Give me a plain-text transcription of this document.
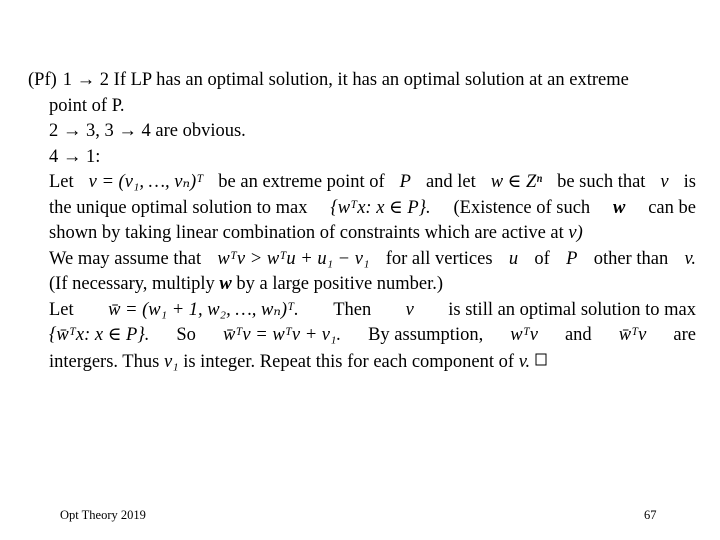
(Pf) 1 → 2 If LP has an optimal solution, it has an optimal solution at an extreme
point of P.
2 → 3, 3 → 4 are obvious.
4 → 1:
Let v = (v₁, …, vₙ)ᵀ be an extreme point of P and let w ∈ Zⁿ be such that v is
the unique optimal solution to max {wᵀx: x ∈ P}. (Existence of such w can be
shown by taking linear combination of constraints which are active at v)
We may assume that wᵀv > wᵀu + u₁ − v₁ for all vertices u of P other than v.
(If necessary, multiply w by a large positive number.)
Let w̄ = (w₁ + 1, w₂, …, wₙ)ᵀ. Then v is still an optimal solution to max
{w̄ᵀx: x ∈ P}. So w̄ᵀv = wᵀv + v₁. By assumption, wᵀv and w̄ᵀv are
intergers. Thus v₁ is integer. Repeat this for each component of v.
Opt Theory 2019	67
